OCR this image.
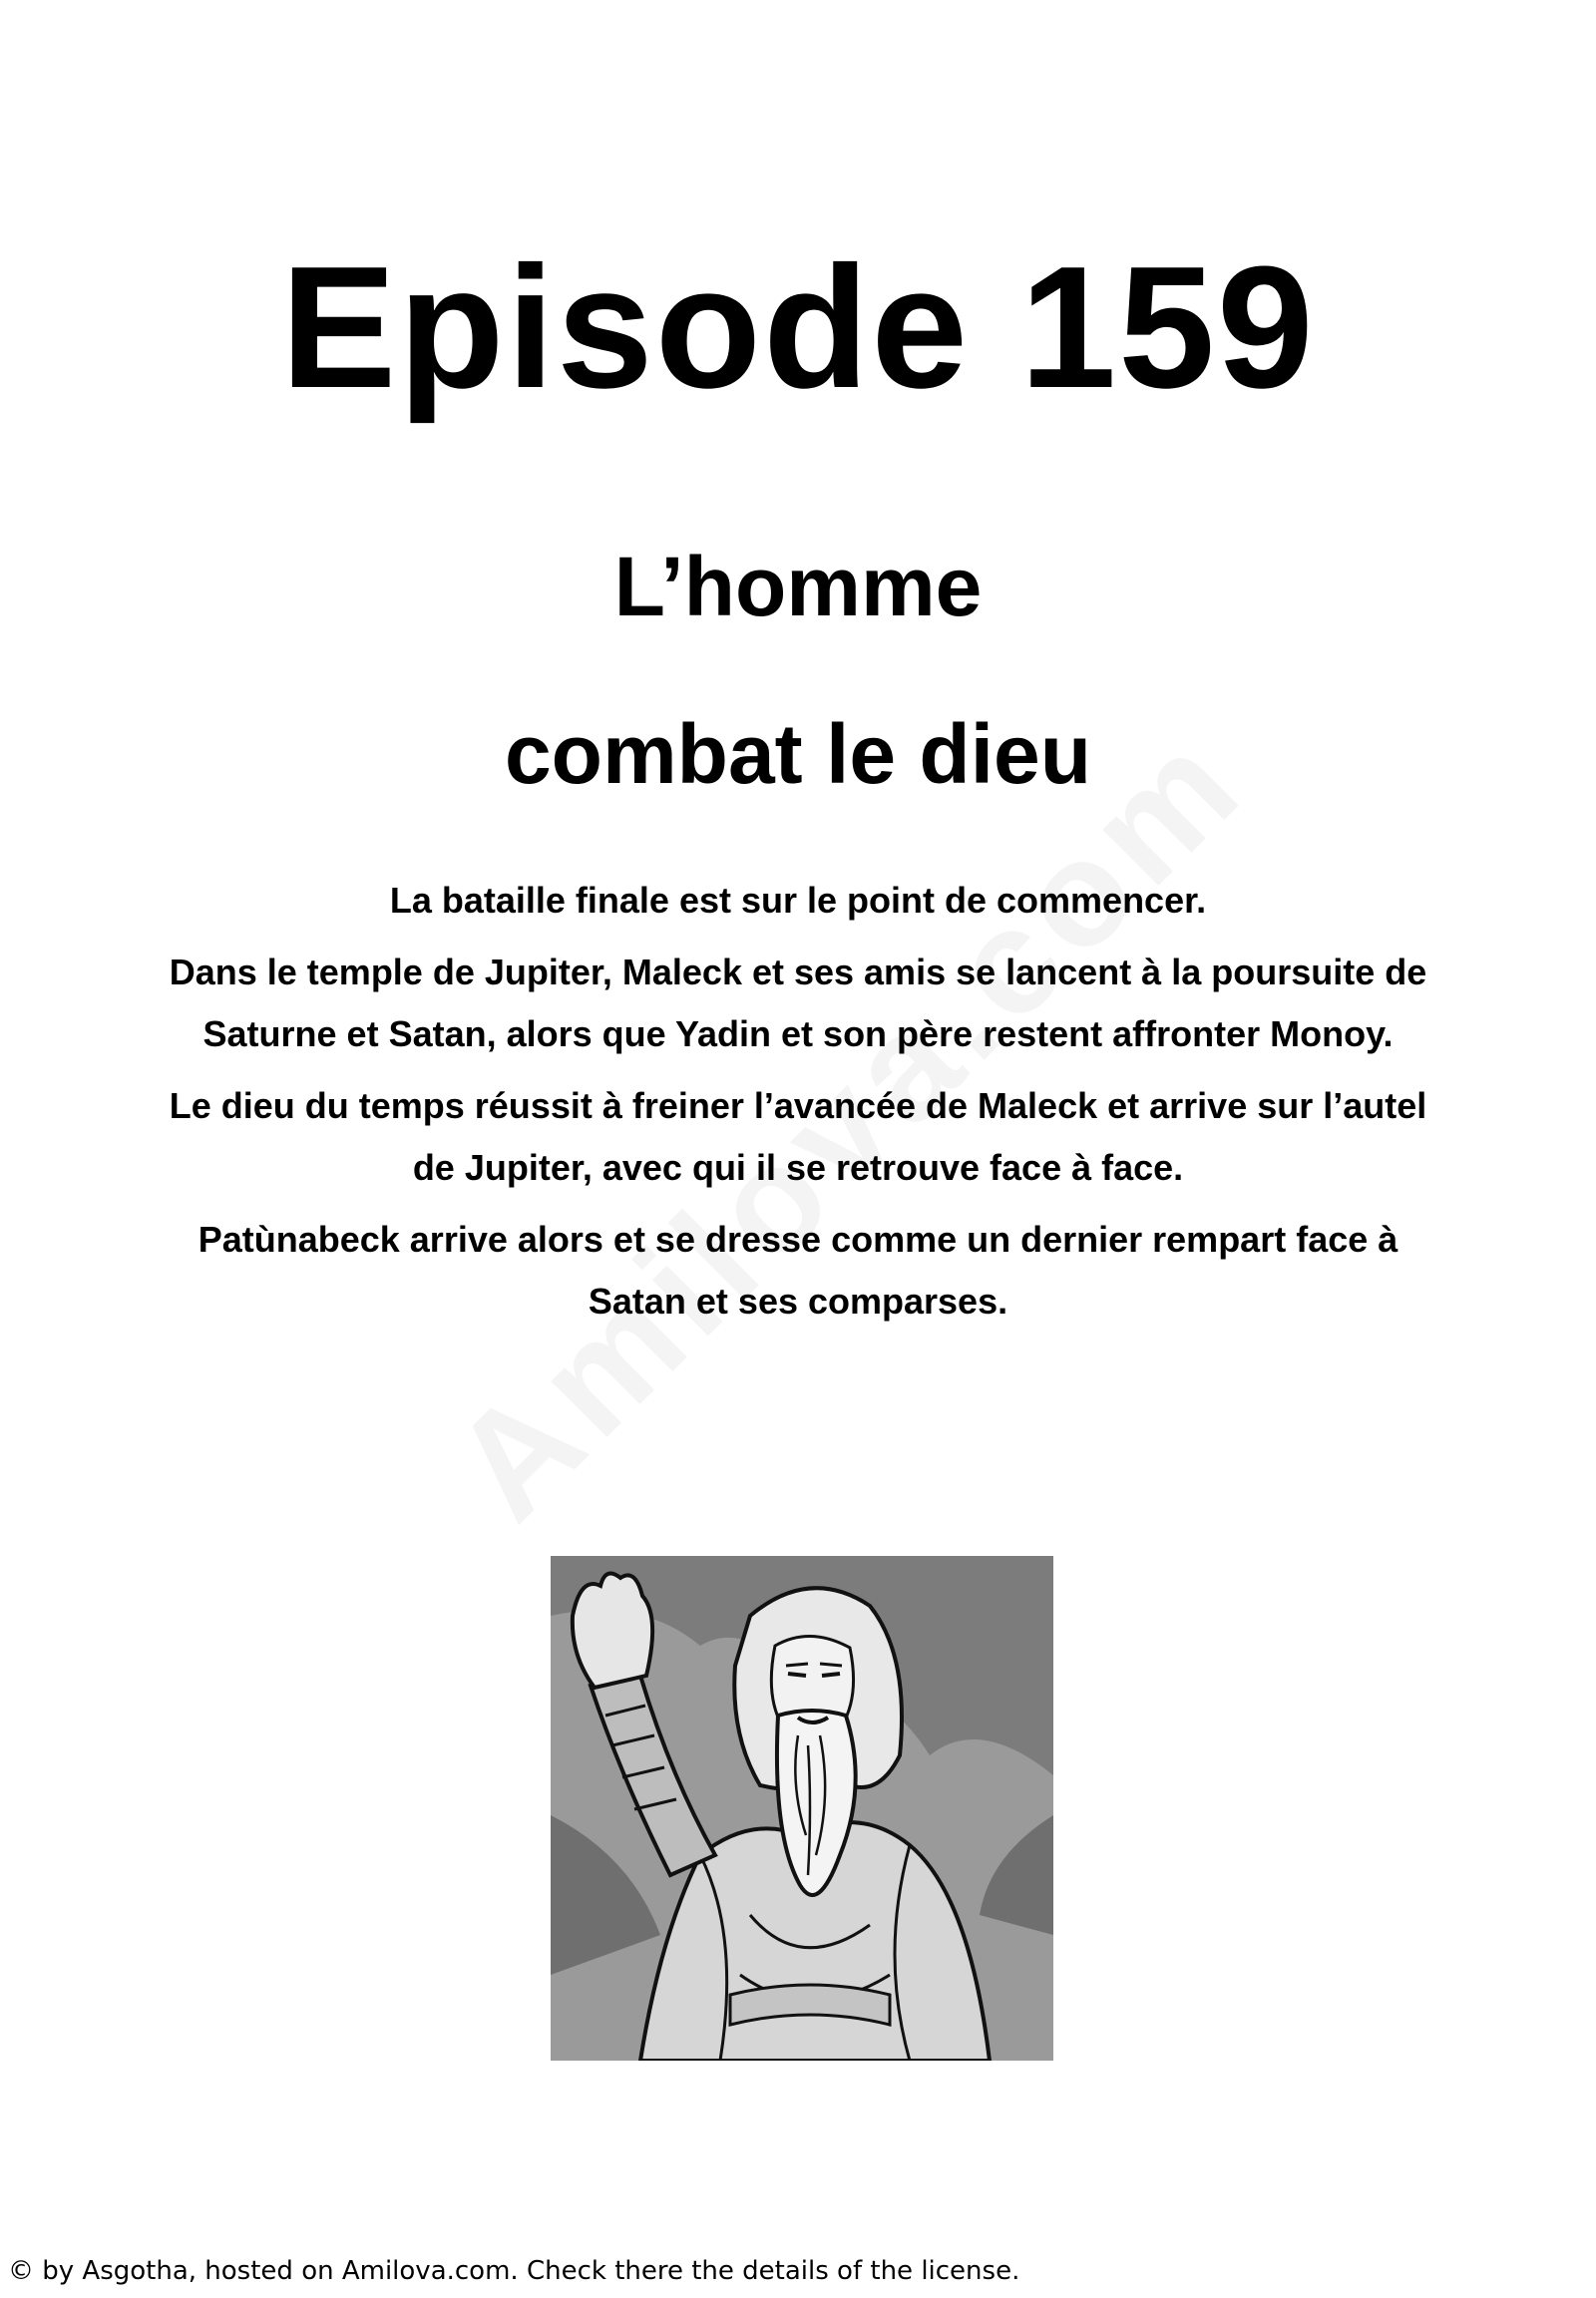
Episode 159
L’homme
combat le dieu

La bataille finale est sur le point de commencer.

Dans le temple de Jupiter, Maleck et ses amis se lancent à la poursuite de Saturne et Satan, alors que Yadin et son père restent affronter Monoy.

Le dieu du temps réussit à freiner l’avancée de Maleck et arrive sur l’autel de Jupiter, avec qui il se retrouve face à face.

Patùnabeck arrive alors et se dresse comme un dernier rempart face à Satan et ses comparses.

© by Asgotha, hosted on Amilova.com. Check there the details of the license.
